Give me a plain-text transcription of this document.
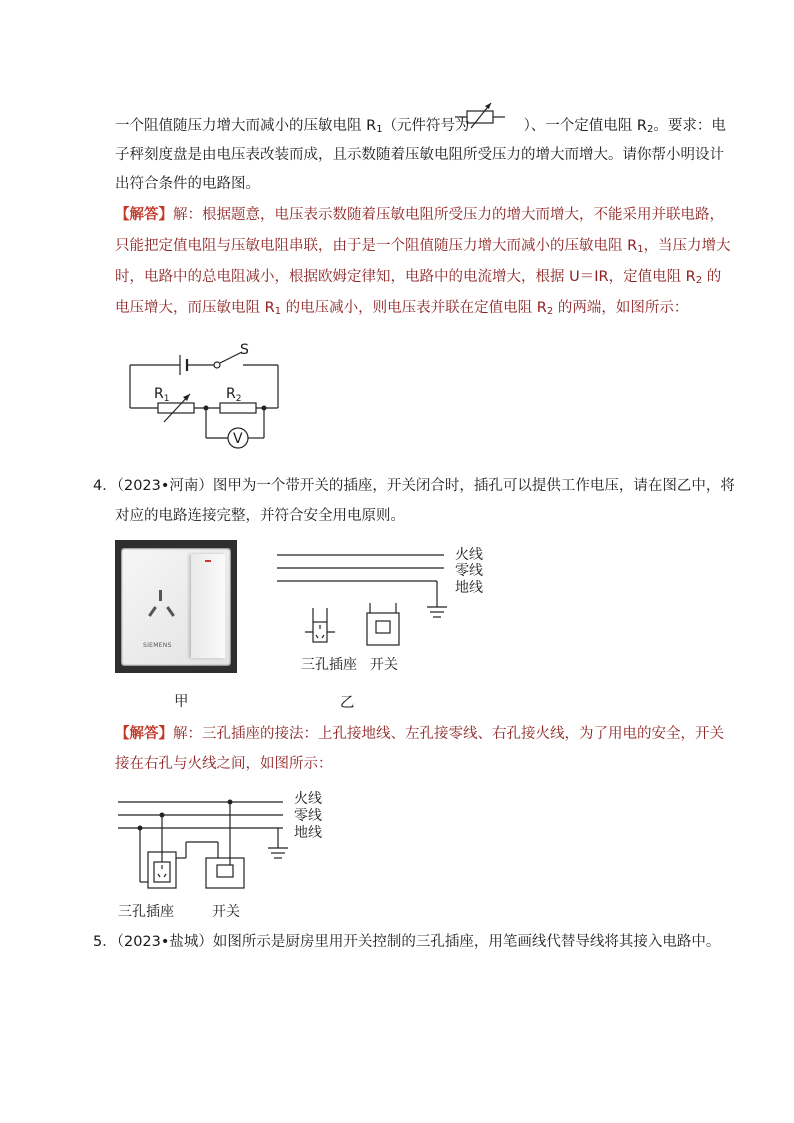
一个阻值随压力增大而减小的压敏电阻 $R_1$（元件符号为	）、一个定值电阻 $R_2$。要求：电
子秤刻度盘是由电压表改装而成，且示数随着压敏电阻所受压力的增大而增大。请你帮小明设计
出符合条件的电路图。
【解答】解：根据题意，电压表示数随着压敏电阻所受压力的增大而增大，不能采用并联电路，
只能把定值电阻与压敏电阻串联，由于是一个阻值随压力增大而减小的压敏电阻 $R_1$，当压力增大
时，电路中的总电阻减小，根据欧姆定律知，电路中的电流增大，根据 U＝IR，定值电阻 $R_2$ 的
电压增大，而压敏电阻 $R_1$ 的电压减小，则电压表并联在定值电阻 $R_2$ 的两端，如图所示：
S
$R_1$	$R_2$
V
4．（2023•河南）图甲为一个带开关的插座，开关闭合时，插孔可以提供工作电压，请在图乙中，将
对应的电路连接完整，并符合安全用电原则。
SIEMENS
甲
火线
零线
地线
三孔插座 开关
乙
【解答】解：三孔插座的接法：上孔接地线、左孔接零线、右孔接火线，为了用电的安全，开关
接在右孔与火线之间，如图所示：
火线
零线
地线
三孔插座	开关
5．（2023•盐城）如图所示是厨房里用开关控制的三孔插座，用笔画线代替导线将其接入电路中。
